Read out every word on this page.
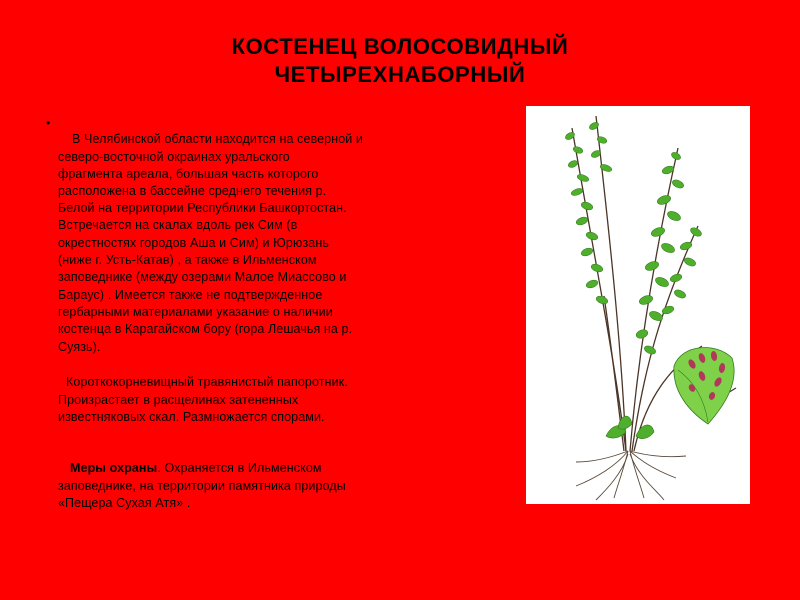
КОСТЕНЕЦ ВОЛОСОВИДНЫЙ
ЧЕТЫРЕХНАБОРНЫЙ
•
В Челябинской области находится на северной и
северо-восточной окраинах уральского
фрагмента ареала, большая часть которого
расположена в бассейне среднего течения р.
Белой на территории Республики Башкортостан.
Встречается на скалах вдоль рек Сим (в
окрестностях городов Аша и Сим) и Юрюзань
(ниже г. Усть-Катав) , а также в Ильменском
заповеднике (между озерами Малое Миассово и
Бараус) . Имеется также не подтвержденное
гербарными материалами указание о наличии
костенца в Карагайском бору (гора Лешачья на р.
Суязь).
Короткокорневищный травянистый папоротник.
Произрастает в расщелинах затененных
известняковых скал. Размножается спорами.
Меры охраны. Охраняется в Ильменском
заповеднике, на территории памятника природы
«Пещера Сухая Атя» .
